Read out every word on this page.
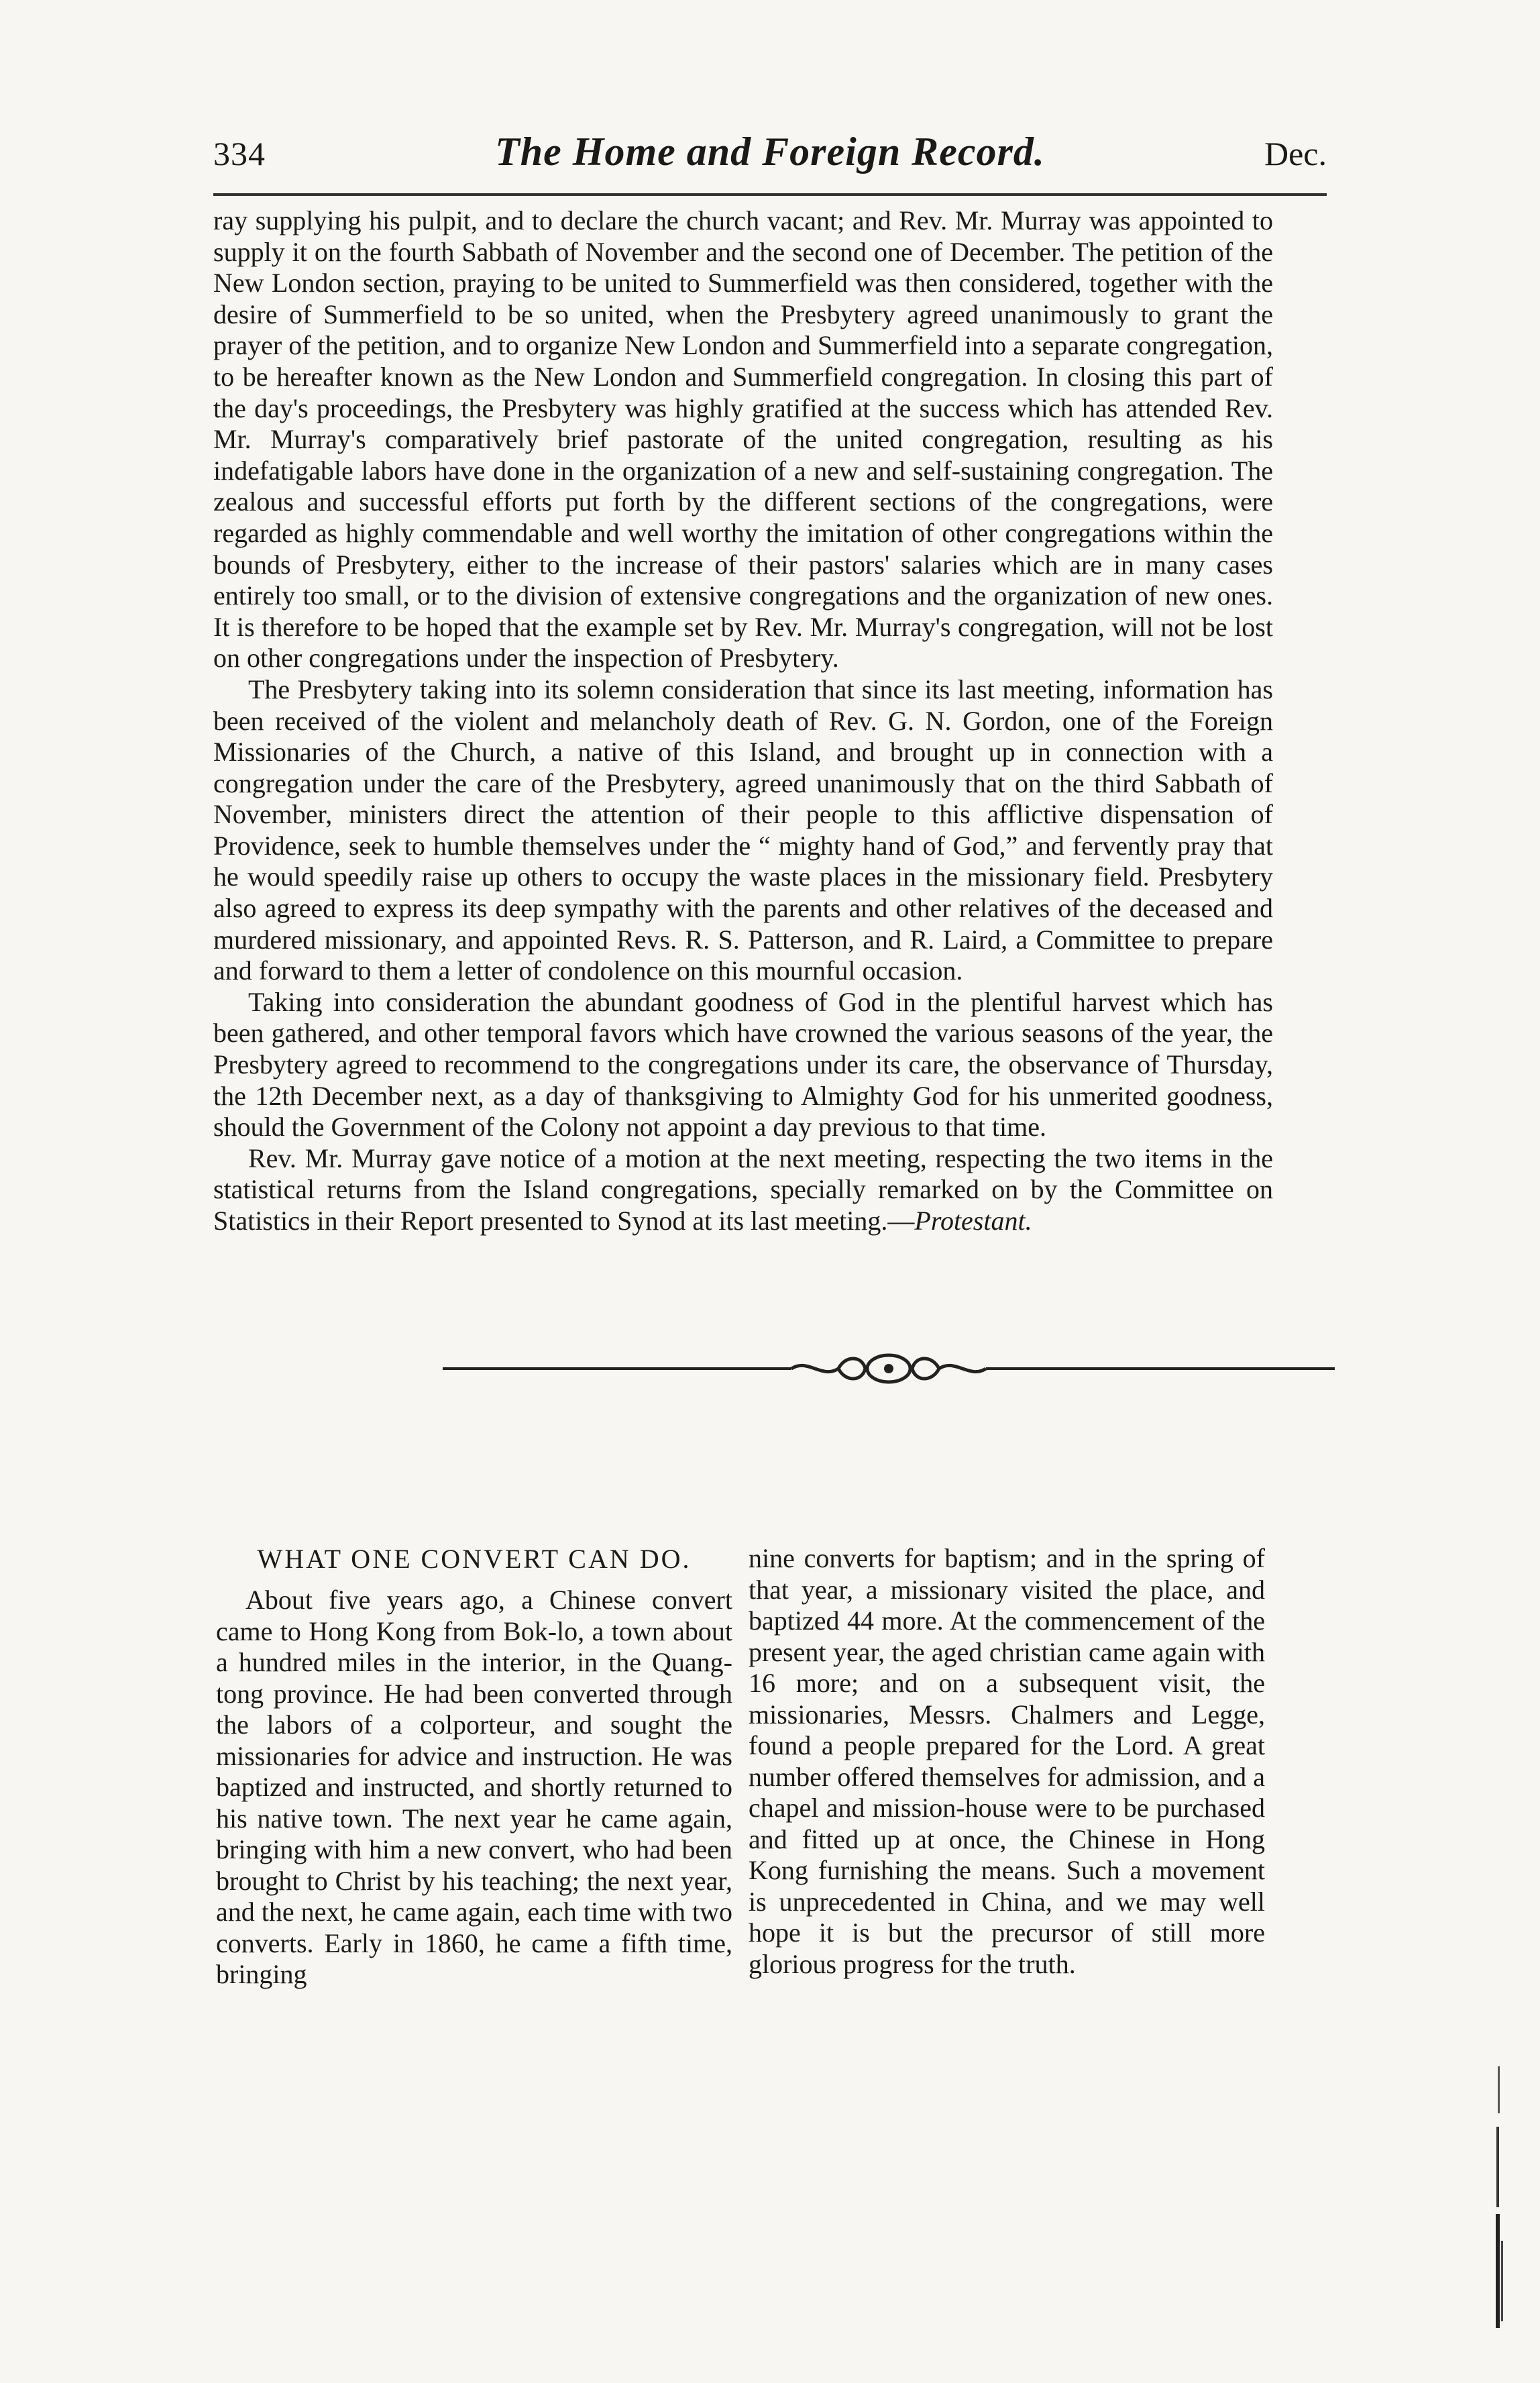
334	The Home and Foreign Record.	Dec.

ray supplying his pulpit, and to declare the church vacant; and Rev. Mr. Murray was appointed to supply it on the fourth Sabbath of November and the second one of December. The petition of the New London section, praying to be united to Summerfield was then considered, together with the desire of Summerfield to be so united, when the Presbytery agreed unanimously to grant the prayer of the petition, and to organize New London and Summerfield into a separate congregation, to be hereafter known as the New London and Summerfield congregation. In closing this part of the day's proceedings, the Presbytery was highly gratified at the success which has attended Rev. Mr. Murray's comparatively brief pastorate of the united congregation, resulting as his indefatigable labors have done in the organization of a new and self-sustaining congregation. The zealous and successful efforts put forth by the different sections of the congregations, were regarded as highly commendable and well worthy the imitation of other congregations within the bounds of Presbytery, either to the increase of their pastors' salaries which are in many cases entirely too small, or to the division of extensive congregations and the organization of new ones. It is therefore to be hoped that the example set by Rev. Mr. Murray's congregation, will not be lost on other congregations under the inspection of Presbytery.

The Presbytery taking into its solemn consideration that since its last meeting, information has been received of the violent and melancholy death of Rev. G. N. Gordon, one of the Foreign Missionaries of the Church, a native of this Island, and brought up in connection with a congregation under the care of the Presbytery, agreed unanimously that on the third Sabbath of November, ministers direct the attention of their people to this afflictive dispensation of Providence, seek to humble themselves under the “ mighty hand of God,” and fervently pray that he would speedily raise up others to occupy the waste places in the missionary field. Presbytery also agreed to express its deep sympathy with the parents and other relatives of the deceased and murdered missionary, and appointed Revs. R. S. Patterson, and R. Laird, a Committee to prepare and forward to them a letter of condolence on this mournful occasion.

Taking into consideration the abundant goodness of God in the plentiful harvest which has been gathered, and other temporal favors which have crowned the various seasons of the year, the Presbytery agreed to recommend to the congregations under its care, the observance of Thursday, the 12th December next, as a day of thanksgiving to Almighty God for his unmerited goodness, should the Government of the Colony not appoint a day previous to that time.

Rev. Mr. Murray gave notice of a motion at the next meeting, respecting the two items in the statistical returns from the Island congregations, specially remarked on by the Committee on Statistics in their Report presented to Synod at its last meeting.—Protestant.

WHAT ONE CONVERT CAN DO.

About five years ago, a Chinese convert came to Hong Kong from Bok-lo, a town about a hundred miles in the interior, in the Quang-tong province. He had been converted through the labors of a colporteur, and sought the missionaries for advice and instruction. He was baptized and instructed, and shortly returned to his native town. The next year he came again, bringing with him a new convert, who had been brought to Christ by his teaching; the next year, and the next, he came again, each time with two converts. Early in 1860, he came a fifth time, bringing

nine converts for baptism; and in the spring of that year, a missionary visited the place, and baptized 44 more. At the commencement of the present year, the aged christian came again with 16 more; and on a subsequent visit, the missionaries, Messrs. Chalmers and Legge, found a people prepared for the Lord. A great number offered themselves for admission, and a chapel and mission-house were to be purchased and fitted up at once, the Chinese in Hong Kong furnishing the means. Such a movement is unprecedented in China, and we may well hope it is but the precursor of still more glorious progress for the truth.
